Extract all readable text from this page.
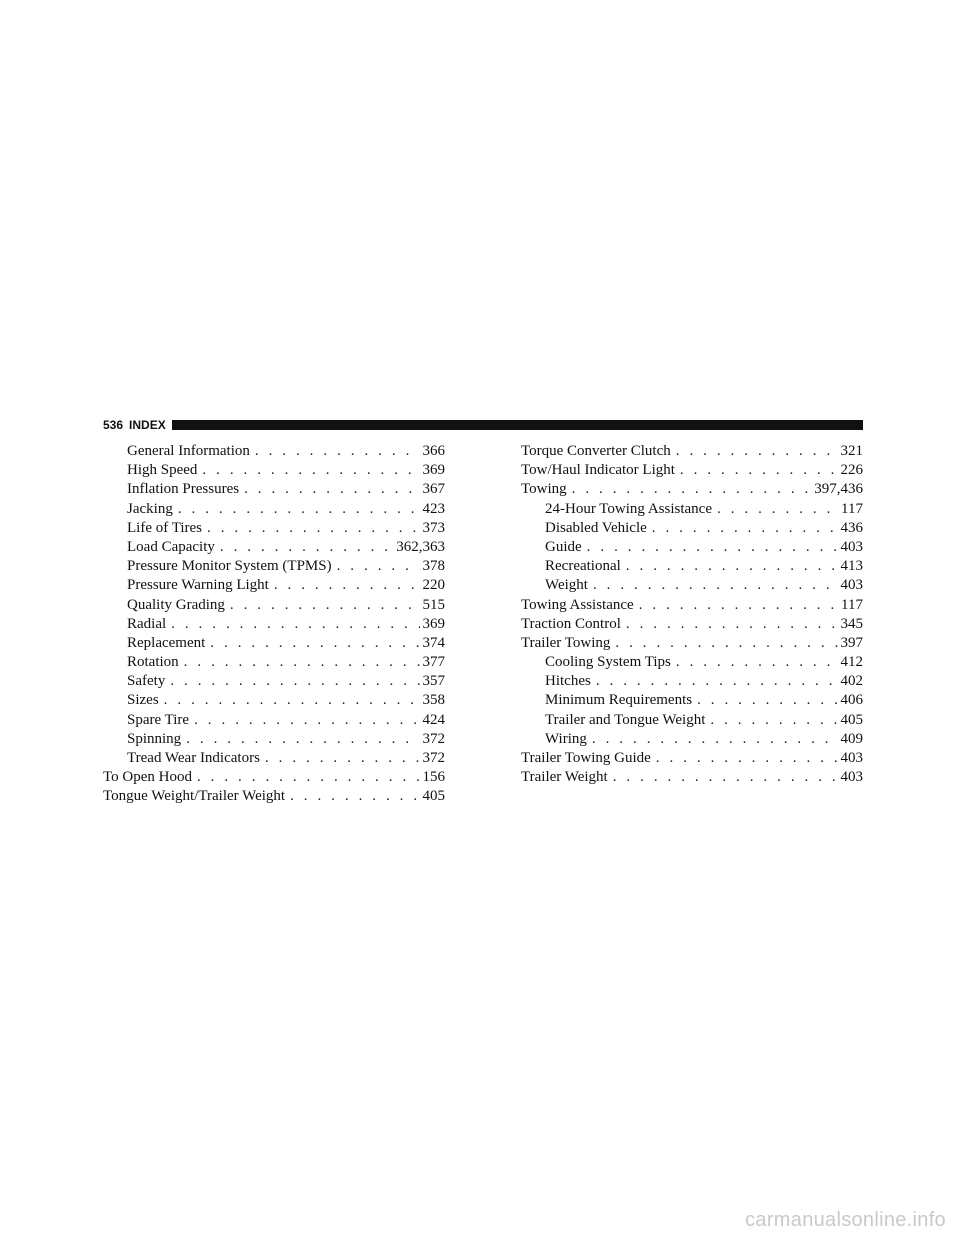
536 INDEX
General Information . . .	366
High Speed . . .	369
Inflation Pressures . . .	367
Jacking . . .	423
Life of Tires . . .	373
Load Capacity . . .	362,363
Pressure Monitor System (TPMS) . . .	378
Pressure Warning Light . . .	220
Quality Grading . . .	515
Radial . . .	369
Replacement . . .	374
Rotation . . .	377
Safety . . .	357
Sizes . . .	358
Spare Tire . . .	424
Spinning . . .	372
Tread Wear Indicators . . .	372
To Open Hood . . .	156
Tongue Weight/Trailer Weight . . .	405
Torque Converter Clutch . . .	321
Tow/Haul Indicator Light . . .	226
Towing . . .	397,436
24-Hour Towing Assistance . . .	117
Disabled Vehicle . . .	436
Guide . . .	403
Recreational . . .	413
Weight . . .	403
Towing Assistance . . .	117
Traction Control . . .	345
Trailer Towing . . .	397
Cooling System Tips . . .	412
Hitches . . .	402
Minimum Requirements . . .	406
Trailer and Tongue Weight . . .	405
Wiring . . .	409
Trailer Towing Guide . . .	403
Trailer Weight . . .	403
carmanualsonline.info
